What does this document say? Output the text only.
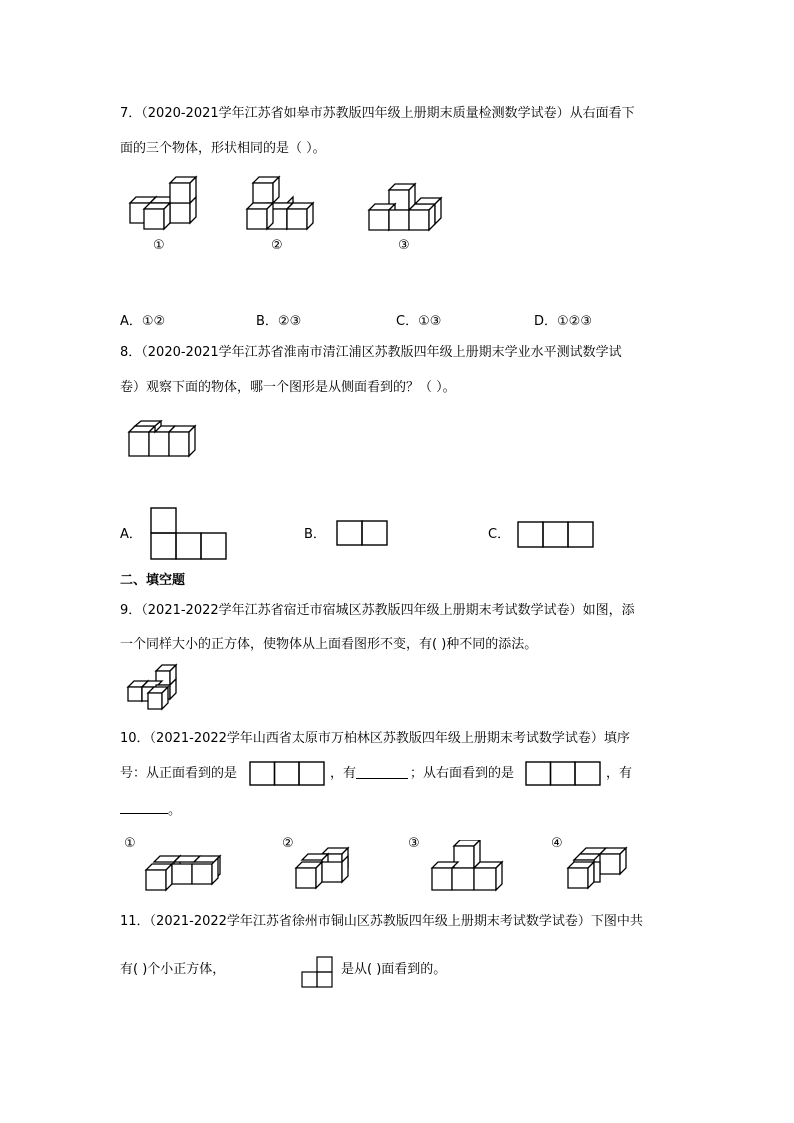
7．（2020-2021学年江苏省如皋市苏教版四年级上册期末质量检测数学试卷）从右面看下
面的三个物体，形状相同的是（ ）。
①	②	③
A．①②	B．②③	C．①③	D．①②③
8．（2020-2021学年江苏省淮南市清江浦区苏教版四年级上册期末学业水平测试数学试
卷）观察下面的物体，哪一个图形是从侧面看到的？（ ）。
A．	B．	C．
二、填空题
9．（2021-2022学年江苏省宿迁市宿城区苏教版四年级上册期末考试数学试卷）如图，添
一个同样大小的正方体，使物体从上面看图形不变，有( )种不同的添法。
10．（2021-2022学年山西省太原市万柏林区苏教版四年级上册期末考试数学试卷）填序
号：从正面看到的是	，有	；从右面看到的是	，有
。
①	②	③	④
11．（2021-2022学年江苏省徐州市铜山区苏教版四年级上册期末考试数学试卷）下图中共
有( )个小正方体，	是从( )面看到的。
